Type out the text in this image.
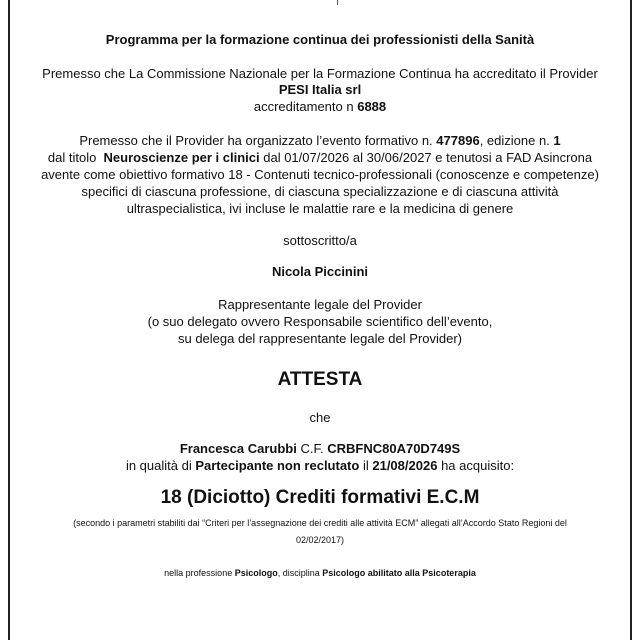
Programma per la formazione continua dei professionisti della Sanità
Premesso che La Commissione Nazionale per la Formazione Continua ha accreditato il Provider
PESI Italia srl
accreditamento n 6888
Premesso che il Provider ha organizzato l’evento formativo n. 477896, edizione n. 1
dal titolo Neuroscienze per i clinici dal 01/07/2026 al 30/06/2027 e tenutosi a FAD Asincrona
avente come obiettivo formativo 18 - Contenuti tecnico-professionali (conoscenze e competenze)
specifici di ciascuna professione, di ciascuna specializzazione e di ciascuna attività
ultraspecialistica, ivi incluse le malattie rare e la medicina di genere
sottoscritto/a
Nicola Piccinini
Rappresentante legale del Provider
(o suo delegato ovvero Responsabile scientifico dell’evento,
su delega del rappresentante legale del Provider)
ATTESTA
che
Francesca Carubbi C.F. CRBFNC80A70D749S
in qualità di Partecipante non reclutato il 21/08/2026 ha acquisito:
18 (Diciotto) Crediti formativi E.C.M
(secondo i parametri stabiliti dai “Criteri per l’assegnazione dei crediti alle attività ECM” allegati all’Accordo Stato Regioni del
02/02/2017)
nella professione Psicologo, disciplina Psicologo abilitato alla Psicoterapia
